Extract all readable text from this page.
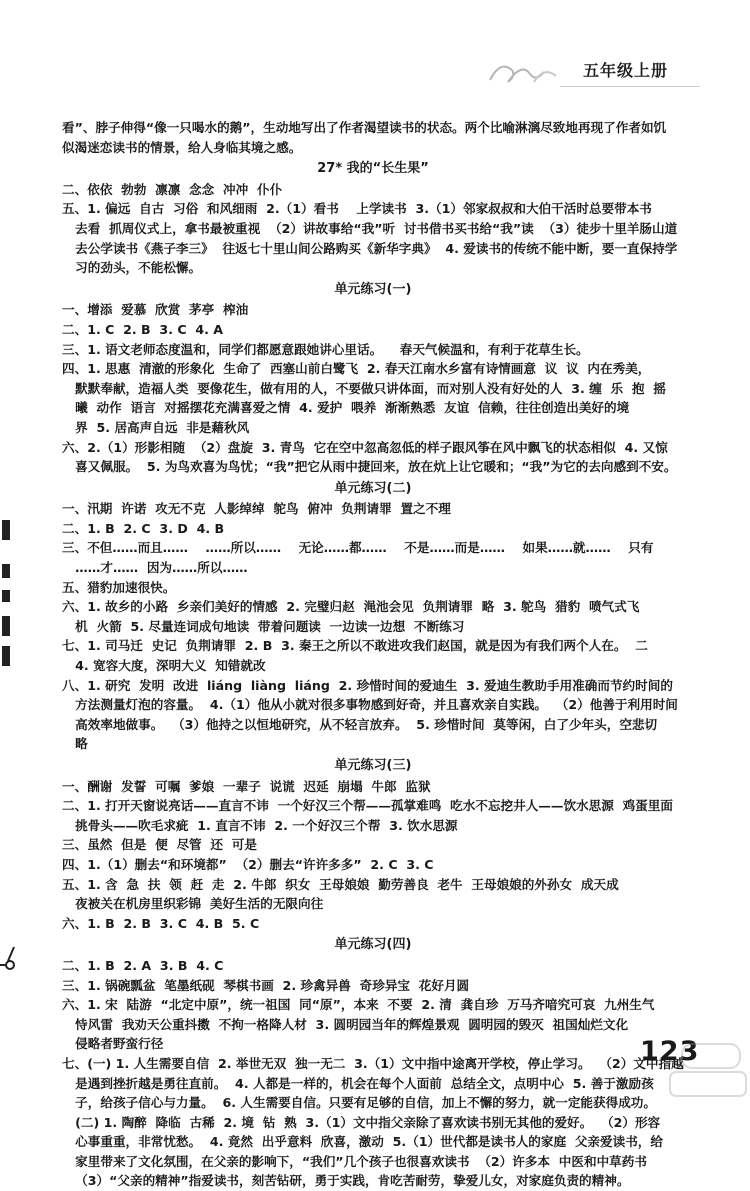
五年级上册

看”、脖子伸得“像一只喝水的鹅”，生动地写出了作者渴望读书的状态。两个比喻淋漓尽致地再现了作者如饥

似渴迷恋读书的情景，给人身临其境之感。

27* 我的“长生果”

二、依依  勃勃  凛凛  念念  冲冲  仆仆

五、1. 偏远  自古  习俗  和风细雨  2.（1）看书    上学读书  3.（1）邻家叔叔和大伯干活时总要带本书

去看  抓周仪式上，拿书最被重视  （2）讲故事给“我”听  讨书借书买书给“我”读  （3）徒步十里羊肠山道

去公学读书《燕子李三》  往返七十里山间公路购买《新华字典》  4. 爱读书的传统不能中断，要一直保持学

习的劲头，不能松懈。

单元练习(一)

一、增添  爱慕  欣赏  茅亭  榨油

二、1. C  2. B  3. C  4. A

三、1. 语文老师态度温和，同学们都愿意跟她讲心里话。    春天气候温和，有利于花草生长。

四、1. 思惠  清澈的形象化  生命了  西塞山前白鹭飞  2. 春天江南水乡富有诗情画意  议  议  内在秀美，

默默奉献，造福人类  要像花生，做有用的人，不要做只讲体面，而对别人没有好处的人  3. 缠  乐  抱  摇

曦  动作  语言  对摇摆花充满喜爱之情  4. 爱护  喂养  渐渐熟悉  友谊  信赖，往往创造出美好的境

界  5. 居高声自远  非是藉秋风

六、2.（1）形影相随  （2）盘旋  3. 青鸟  它在空中忽高忽低的样子跟风筝在风中飘飞的状态相似  4. 又惊

喜又佩服。  5. 为鸟欢喜为鸟忧；“我”把它从雨中捷回来，放在炕上让它暖和；“我”为它的去向感到不安。

单元练习(二)

一、汛期  许诺  攻无不克  人影绰绰  鸵鸟  俯冲  负荆请罪  置之不理

二、1. B  2. C  3. D  4. B

三、不但……而且……    ……所以……    无论……都……    不是……而是……    如果……就……    只有

……才……  因为……所以……

五、猎豹加速很快。

六、1. 故乡的小路  乡亲们美好的情感  2. 完璧归赵  渑池会见  负荆请罪  略  3. 鸵鸟  猎豹  喷气式飞

机  火箭  5. 尽量连词成句地读  带着问题读  一边读一边想  不断练习

七、1. 司马迁  史记  负荆请罪  2. B  3. 秦王之所以不敢进攻我们赵国，就是因为有我们两个人在。  二

4. 宽容大度，深明大义  知错就改

八、1. 研究  发明  改进  liáng  liàng  liáng  2. 珍惜时间的爱迪生  3. 爱迪生教助手用准确而节约时间的

方法测量灯泡的容量。  4.（1）他从小就对很多事物感到好奇，并且喜欢亲自实践。  （2）他善于利用时间

高效率地做事。  （3）他持之以恒地研究，从不轻言放弃。  5. 珍惜时间  莫等闲，白了少年头，空悲切

略

单元练习(三)

一、酬谢  发誓  可嘱  爹娘  一辈子  说谎  迟延  崩塌  牛郎  监狱

二、1. 打开天窗说亮话——直言不讳  一个好汉三个帮——孤掌难鸣  吃水不忘挖井人——饮水思源  鸡蛋里面

挑骨头——吹毛求疵  1. 直言不讳  2. 一个好汉三个帮  3. 饮水思源

三、虽然  但是  便  尽管  还  可是

四、1.（1）删去“和环境都”  （2）删去“许许多多”  2. C  3. C

五、1. 含  急  扶  领  赶  走  2. 牛郎  织女  王母娘娘  勤劳善良  老牛  王母娘娘的外孙女  成天成

夜被关在机房里织彩锦  美好生活的无限向往

六、1. B  2. B  3. C  4. B  5. C

单元练习(四)

二、1. B  2. A  3. B  4. C

三、1. 锅碗瓢盆  笔墨纸砚  琴棋书画  2. 珍禽异兽  奇珍异宝  花好月圆

六、1. 宋  陆游  “北定中原”，统一祖国  同“原”，本来  不要  2. 清  龚自珍  万马齐喑究可哀  九州生气

恃风雷  我劝天公重抖擞  不拘一格降人材  3. 圆明园当年的辉煌景观  圆明园的毁灭  祖国灿烂文化

侵略者野蛮行径

七、(一) 1. 人生需要自信  2. 举世无双  独一无二  3.（1）文中指中途离开学校，停止学习。  （2）文中指越

是遇到挫折越是勇往直前。  4. 人都是一样的，机会在每个人面前  总结全文，点明中心  5. 善于激励孩

子，给孩子信心与力量。  6. 人生需要自信。只要有足够的自信，加上不懈的努力，就一定能获得成功。

(二) 1. 陶醉  降临  古稀  2. 境  钻  熟  3.（1）文中指父亲除了喜欢读书别无其他的爱好。  （2）形容

心事重重，非常忧愁。  4. 竟然  出乎意料  欣喜，激动  5.（1）世代都是读书人的家庭  父亲爱读书，给

家里带来了文化氛围，在父亲的影响下，“我们”几个孩子也很喜欢读书  （2）许多本  中医和中草药书

（3）“父亲的精神”指爱读书，刻苦钻研，勇于实践，肯吃苦耐劳，挚爱儿女，对家庭负责的精神。

123
